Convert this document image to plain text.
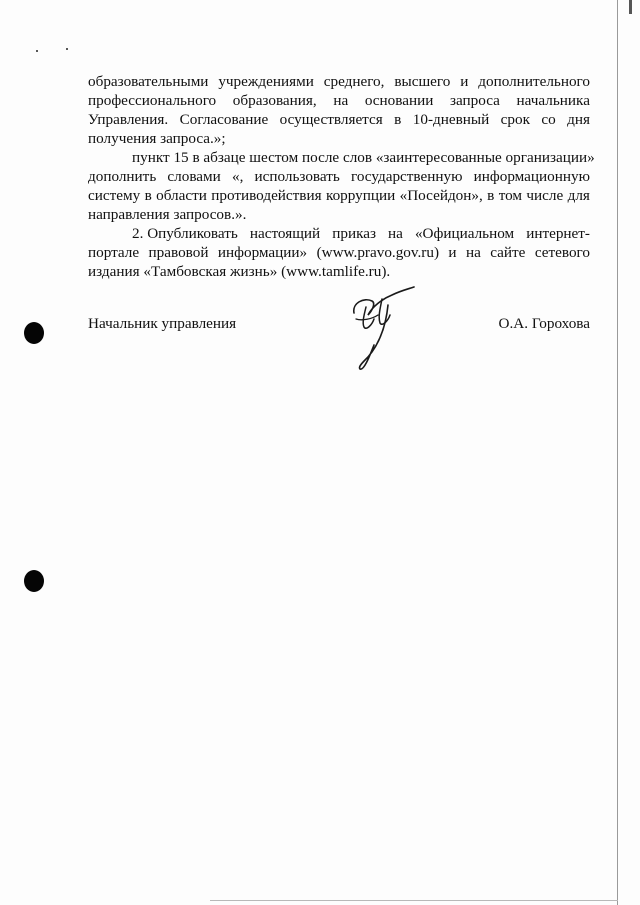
образовательными учреждениями среднего, высшего и дополнительного
профессионального образования, на основании запроса начальника
Управления. Согласование осуществляется в 10-дневный срок со дня
получения запроса.»;
пункт 15 в абзаце шестом после слов «заинтересованные организации»
дополнить словами «, использовать государственную информационную
систему в области противодействия коррупции «Посейдон», в том числе для
направления запросов.».
2. Опубликовать настоящий приказ на «Официальном интернет-
портале правовой информации» (www.pravo.gov.ru) и на сайте сетевого
издания «Тамбовская жизнь» (www.tamlife.ru).
Начальник управления	О.А. Горохова
